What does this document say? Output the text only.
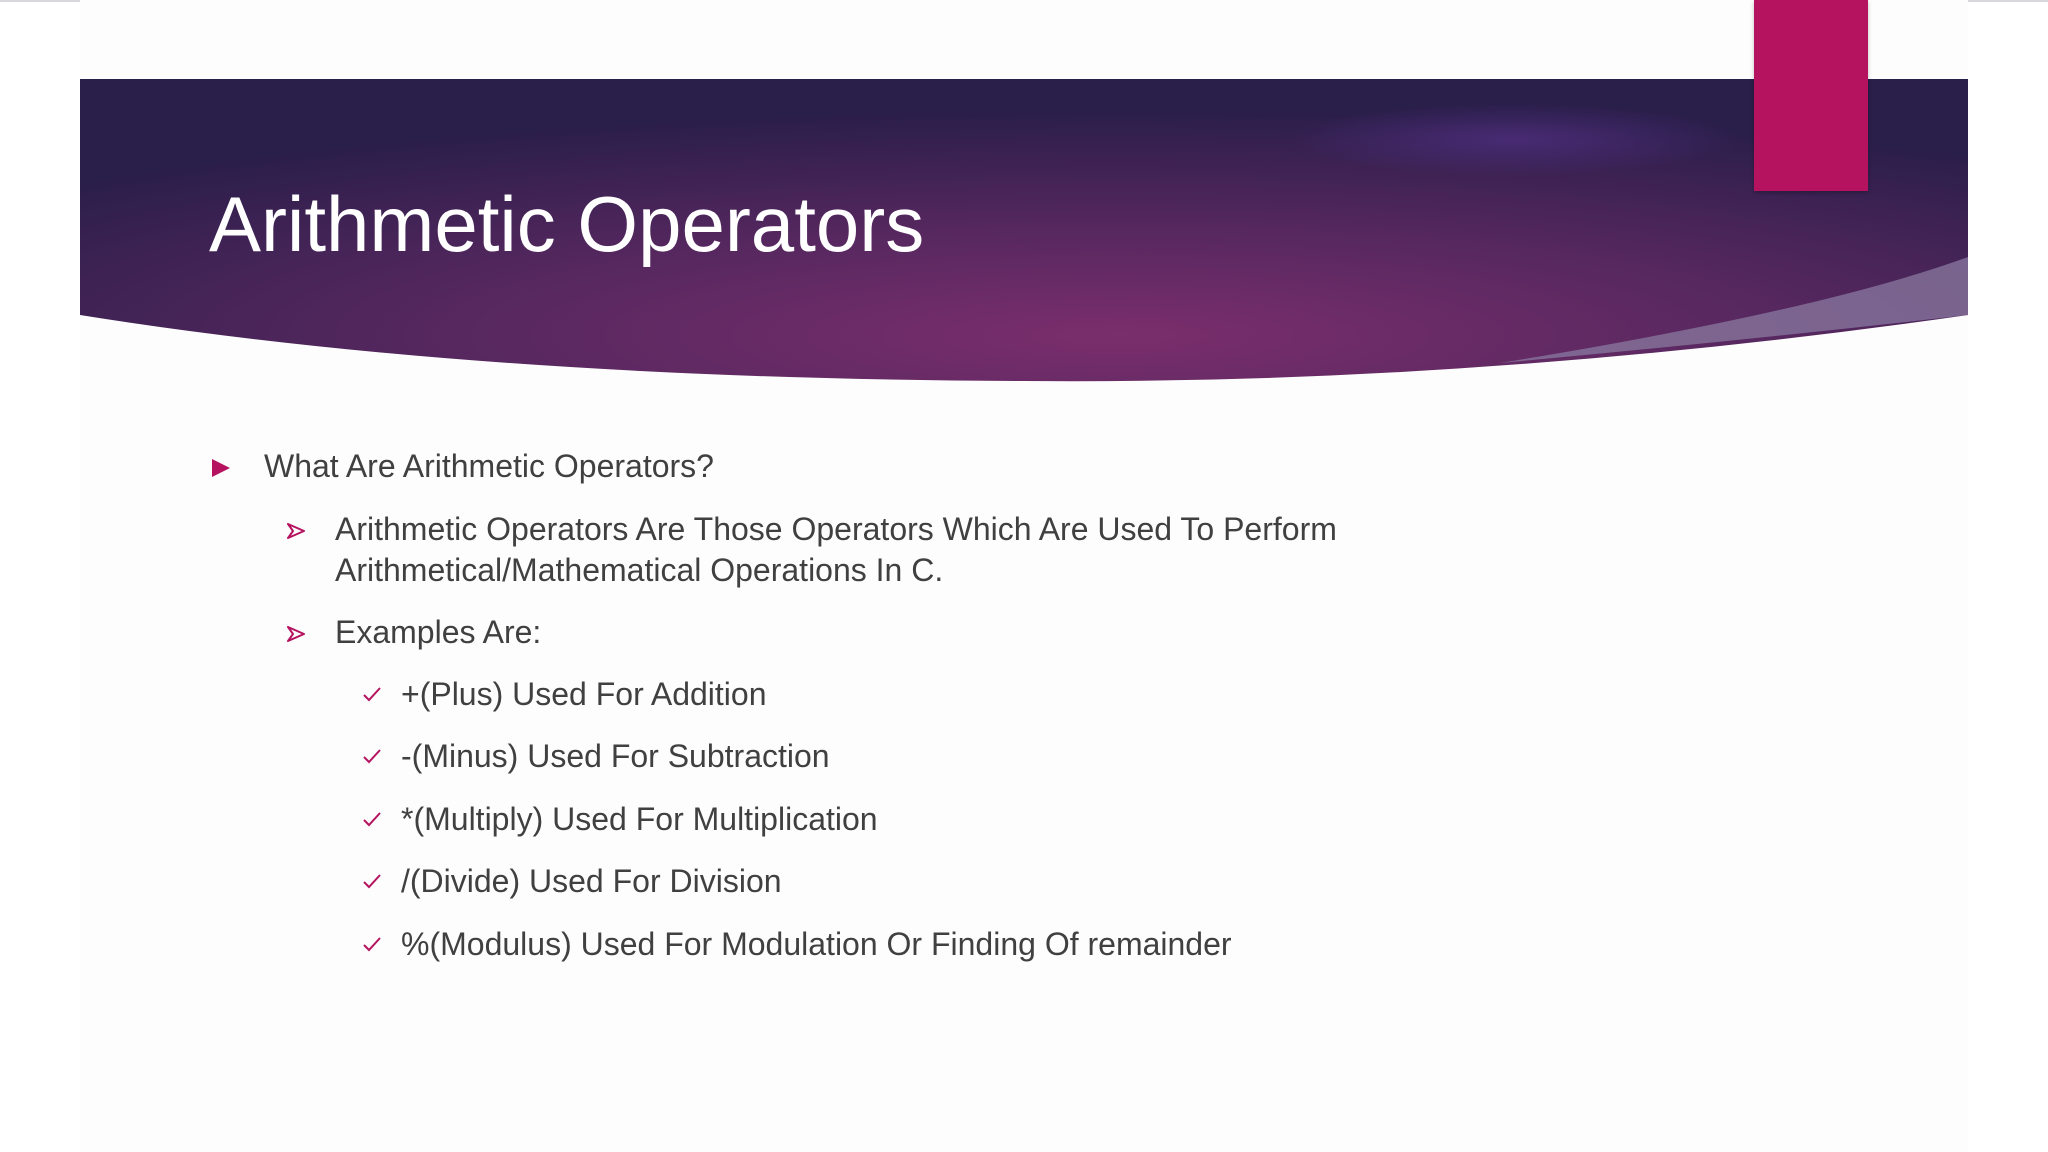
Arithmetic Operators
What Are Arithmetic Operators?
Arithmetic Operators Are Those Operators Which Are Used To Perform
Arithmetical/Mathematical Operations In C.
Examples Are:
+(Plus) Used For Addition
-(Minus) Used For Subtraction
*(Multiply) Used For Multiplication
/(Divide) Used For Division
%(Modulus) Used For Modulation Or Finding Of remainder
